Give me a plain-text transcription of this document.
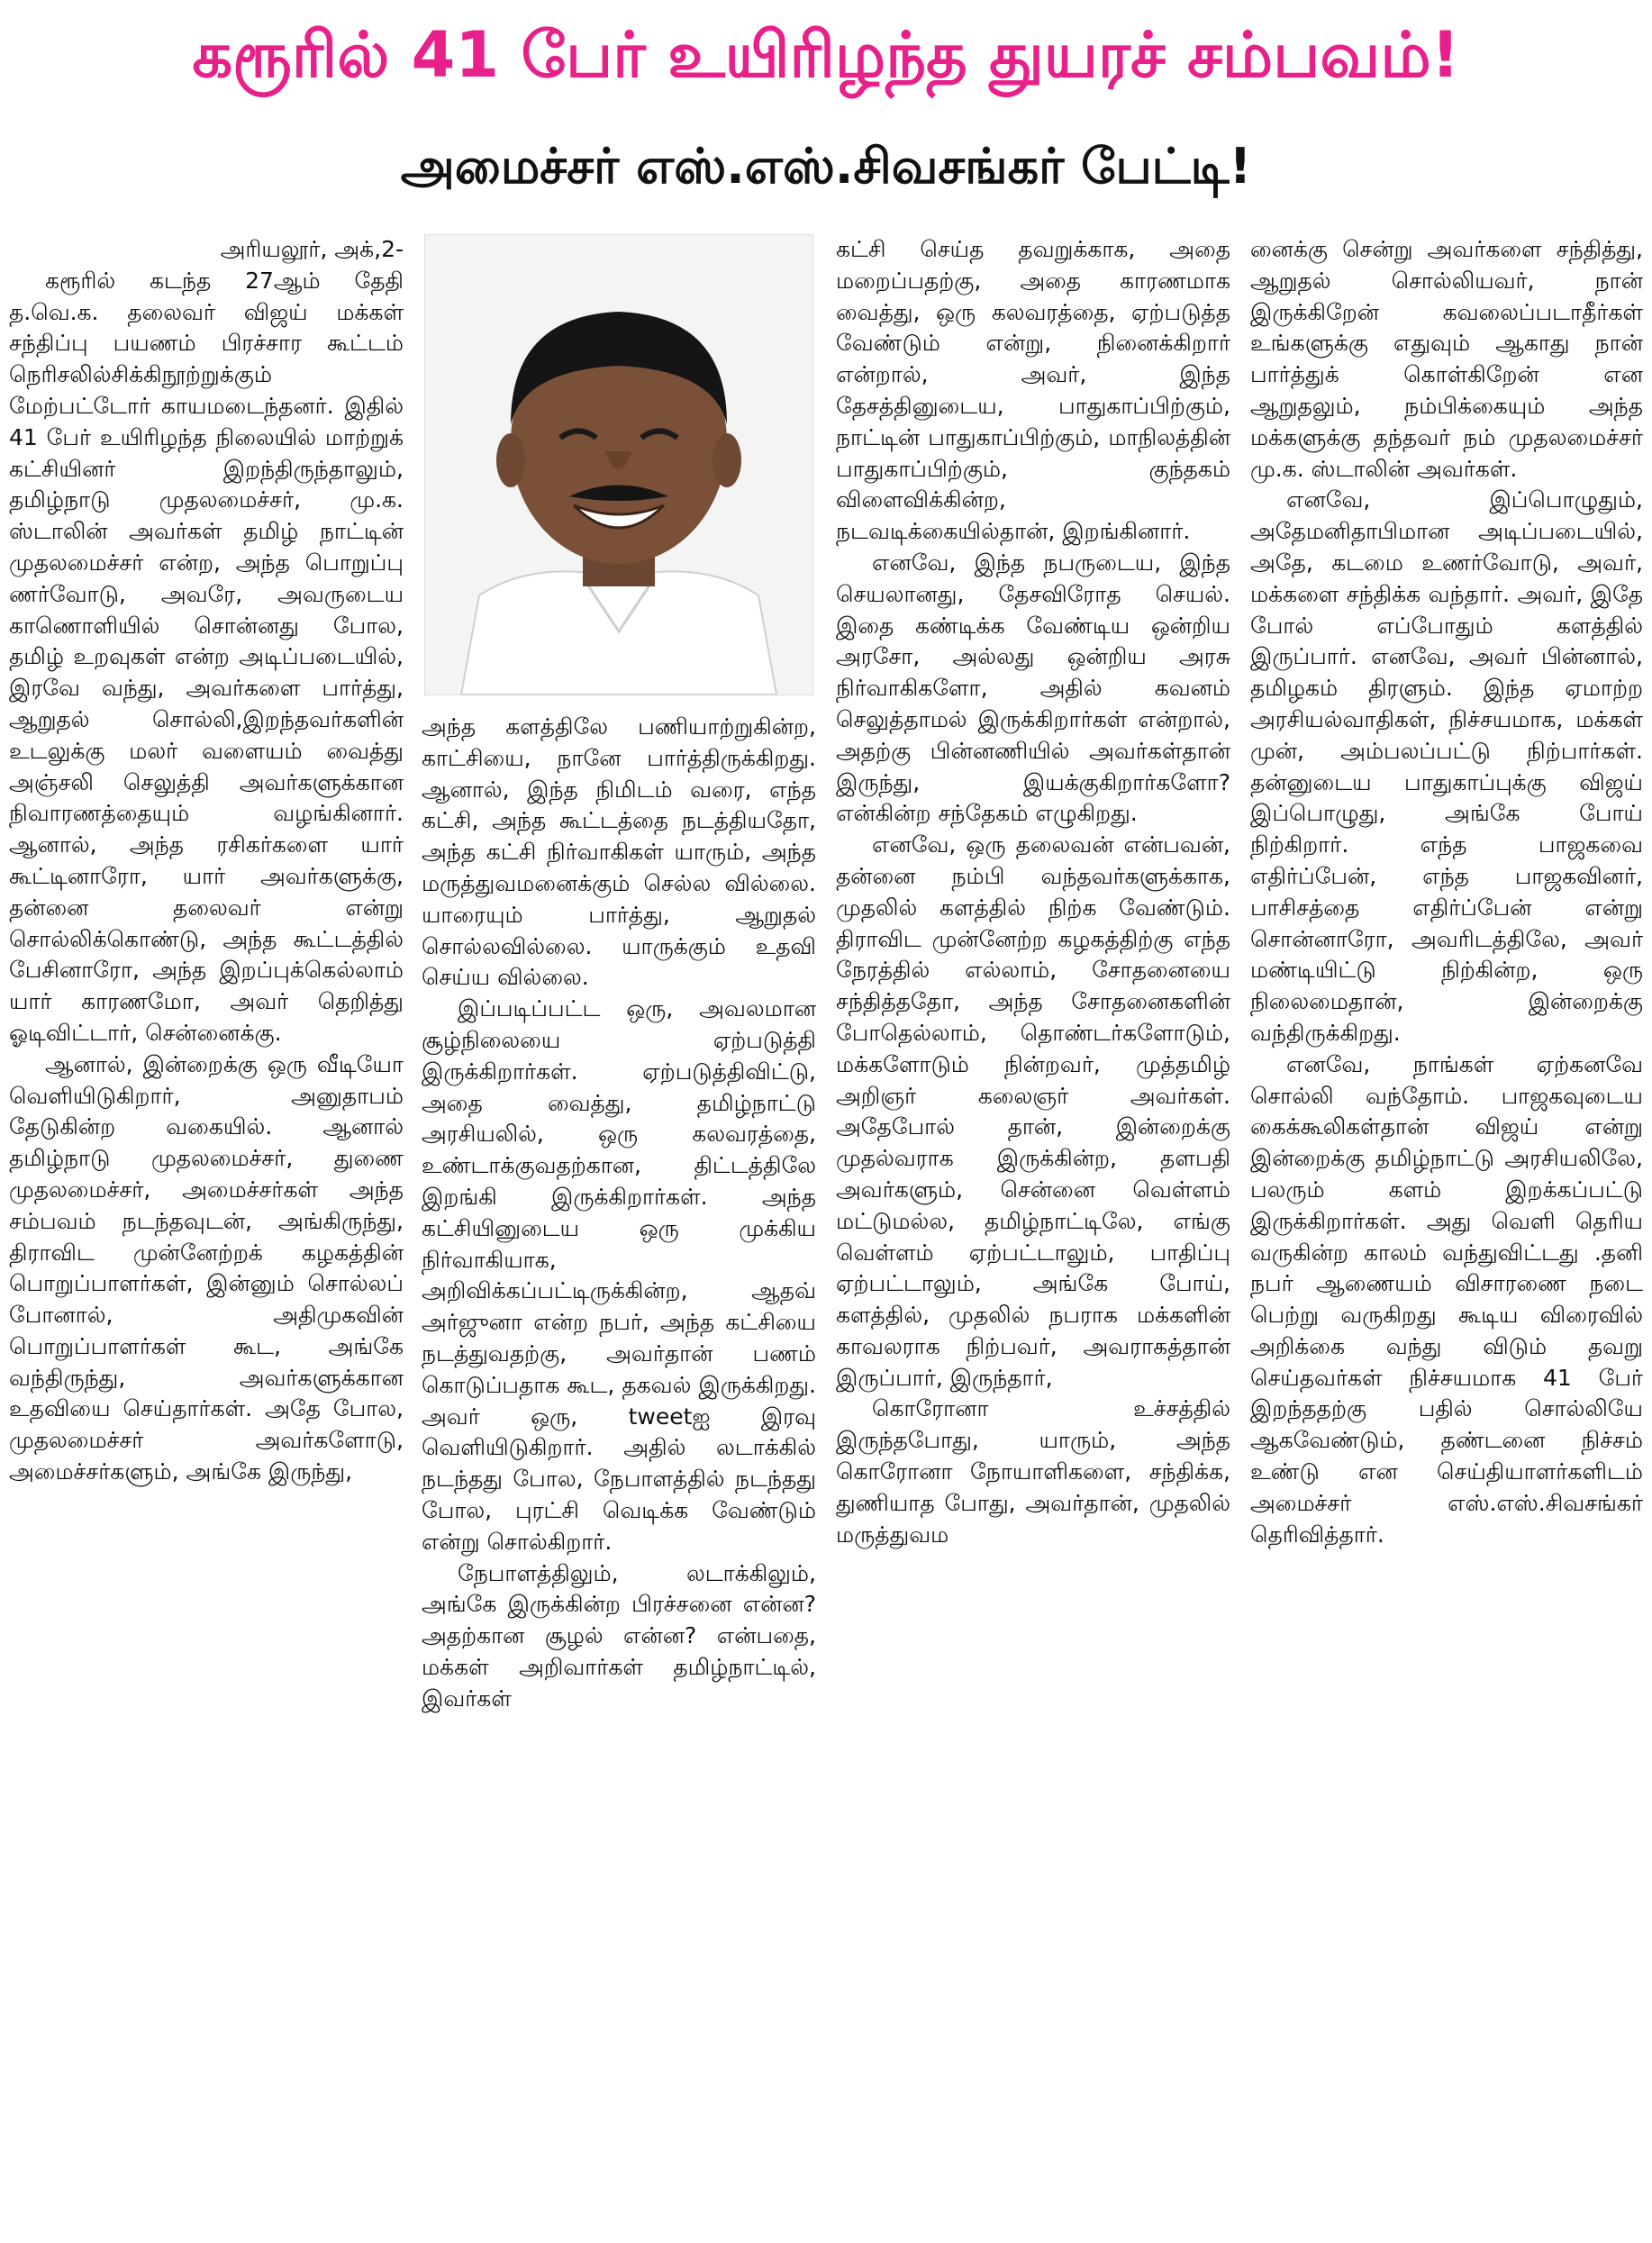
கரூரில் 41 பேர் உயிரிழந்த துயரச் சம்பவம்!
அமைச்சர் எஸ்.எஸ்.சிவசங்கர் பேட்டி!
அரியலூர், அக்,2-

கரூரில் கடந்த 27ஆம் தேதி த.வெ.க. தலைவர் விஜய் மக்கள் சந்திப்பு பயணம் பிரச்சார கூட்டம் நெரிசலில்சிக்கிநூற்றுக்கும் மேற்பட்டோர் காயமடைந்தனர். இதில் 41 பேர் உயிரிழந்த நிலையில் மாற்றுக் கட்சியினர் இறந்திருந்தாலும், தமிழ்நாடு முதலமைச்சர், மு.க. ஸ்டாலின் அவர்கள் தமிழ் நாட்டின் முதலமைச்சர் என்ற, அந்த பொறுப்பு ணர்வோடு, அவரே, அவருடைய காணொளியில் சொன்னது போல, தமிழ் உறவுகள் என்ற அடிப்படையில், இரவே வந்து, அவர்களை பார்த்து, ஆறுதல் சொல்லி,இறந்தவர்களின் உடலுக்கு மலர் வளையம் வைத்து அஞ்சலி செலுத்தி அவர்களுக்கான நிவாரணத்தையும் வழங்கினார். ஆனால், அந்த ரசிகர்களை யார் கூட்டினாரோ, யார் அவர்களுக்கு, தன்னை தலைவர் என்று சொல்லிக்கொண்டு, அந்த கூட்டத்தில் பேசினாரோ, அந்த இறப்புக்கெல்லாம் யார் காரணமோ, அவர் தெறித்து ஓடிவிட்டார், சென்னைக்கு.

ஆனால், இன்றைக்கு ஒரு வீடியோ வெளியிடுகிறார், அனுதாபம் தேடுகின்ற வகையில். ஆனால் தமிழ்நாடு முதலமைச்சர், துணை முதலமைச்சர், அமைச்சர்கள் அந்த சம்பவம் நடந்தவுடன், அங்கிருந்து, திராவிட முன்னேற்றக் கழகத்தின் பொறுப்பாளர்கள், இன்னும் சொல்லப் போனால், அதிமுகவின் பொறுப்பாளர்கள் கூட, அங்கே வந்திருந்து, அவர்களுக்கான உதவியை செய்தார்கள். அதே போல, முதலமைச்சர் அவர்களோடு, அமைச்சர்களும், அங்கே இருந்து,

அந்த களத்திலே பணியாற்றுகின்ற, காட்சியை, நானே பார்த்திருக்கிறது. ஆனால், இந்த நிமிடம் வரை, எந்த கட்சி, அந்த கூட்டத்தை நடத்தியதோ, அந்த கட்சி நிர்வாகிகள் யாரும், அந்த மருத்துவமனைக்கும் செல்ல வில்லை. யாரையும் பார்த்து, ஆறுதல் சொல்லவில்லை. யாருக்கும் உதவி செய்ய வில்லை.

இப்படிப்பட்ட ஒரு, அவலமான சூழ்நிலையை ஏற்படுத்தி இருக்கிறார்கள். ஏற்படுத்திவிட்டு, அதை வைத்து, தமிழ்நாட்டு அரசியலில், ஒரு கலவரத்தை, உண்டாக்குவதற்கான, திட்டத்திலே இறங்கி இருக்கிறார்கள். அந்த கட்சியினுடைய ஒரு முக்கிய நிர்வாகியாக, அறிவிக்கப்பட்டிருக்கின்ற, ஆதவ் அர்ஜுனா என்ற நபர், அந்த கட்சியை நடத்துவதற்கு, அவர்தான் பணம் கொடுப்பதாக கூட, தகவல் இருக்கிறது. அவர் ஒரு, tweetஐ இரவு வெளியிடுகிறார். அதில் லடாக்கில் நடந்தது போல, நேபாளத்தில் நடந்தது போல, புரட்சி வெடிக்க வேண்டும் என்று சொல்கிறார்.

நேபாளத்திலும், லடாக்கிலும், அங்கே இருக்கின்ற பிரச்சனை என்ன? அதற்கான சூழல் என்ன? என்பதை, மக்கள் அறிவார்கள் தமிழ்நாட்டில், இவர்கள்

கட்சி செய்த தவறுக்காக, அதை மறைப்பதற்கு, அதை காரணமாக வைத்து, ஒரு கலவரத்தை, ஏற்படுத்த வேண்டும் என்று, நினைக்கிறார் என்றால், அவர், இந்த தேசத்தினுடைய, பாதுகாப்பிற்கும், நாட்டின் பாதுகாப்பிற்கும், மாநிலத்தின் பாதுகாப்பிற்கும், குந்தகம் விளைவிக்கின்ற, நடவடிக்கையில்தான், இறங்கினார்.

எனவே, இந்த நபருடைய, இந்த செயலானது, தேசவிரோத செயல். இதை கண்டிக்க வேண்டிய ஒன்றிய அரசோ, அல்லது ஒன்றிய அரசு நிர்வாகிகளோ, அதில் கவனம் செலுத்தாமல் இருக்கிறார்கள் என்றால், அதற்கு பின்னணியில் அவர்கள்தான் இருந்து, இயக்குகிறார்களோ? என்கின்ற சந்தேகம் எழுகிறது.

எனவே, ஒரு தலைவன் என்பவன், தன்னை நம்பி வந்தவர்களுக்காக, முதலில் களத்தில் நிற்க வேண்டும். திராவிட முன்னேற்ற கழகத்திற்கு எந்த நேரத்தில் எல்லாம், சோதனையை சந்தித்ததோ, அந்த சோதனைகளின் போதெல்லாம், தொண்டர்களோடும், மக்களோடும் நின்றவர், முத்தமிழ் அறிஞர் கலைஞர் அவர்கள். அதேபோல் தான், இன்றைக்கு முதல்வராக இருக்கின்ற, தளபதி அவர்களும், சென்னை வெள்ளம் மட்டுமல்ல, தமிழ்நாட்டிலே, எங்கு வெள்ளம் ஏற்பட்டாலும், பாதிப்பு ஏற்பட்டாலும், அங்கே போய், களத்தில், முதலில் நபராக மக்களின் காவலராக நிற்பவர், அவராகத்தான் இருப்பார், இருந்தார்,

கொரோனா உச்சத்தில் இருந்தபோது, யாரும், அந்த கொரோனா நோயாளிகளை, சந்திக்க, துணியாத போது, அவர்தான், முதலில் மருத்துவம

னைக்கு சென்று அவர்களை சந்தித்து, ஆறுதல் சொல்லியவர், நான் இருக்கிறேன் கவலைப்படாதீர்கள் உங்களுக்கு எதுவும் ஆகாது நான் பார்த்துக் கொள்கிறேன் என ஆறுதலும், நம்பிக்கையும் அந்த மக்களுக்கு தந்தவர் நம் முதலமைச்சர் மு.க. ஸ்டாலின் அவர்கள்.

எனவே, இப்பொழுதும், அதேமனிதாபிமான அடிப்படையில், அதே, கடமை உணர்வோடு, அவர், மக்களை சந்திக்க வந்தார். அவர், இதே போல் எப்போதும் களத்தில் இருப்பார். எனவே, அவர் பின்னால், தமிழகம் திரளும். இந்த ஏமாற்ற அரசியல்வாதிகள், நிச்சயமாக, மக்கள் முன், அம்பலப்பட்டு நிற்பார்கள். தன்னுடைய பாதுகாப்புக்கு விஜய் இப்பொழுது, அங்கே போய் நிற்கிறார். எந்த பாஜகவை எதிர்ப்பேன், எந்த பாஜகவினர், பாசிசத்தை எதிர்ப்பேன் என்று சொன்னாரோ, அவரிடத்திலே, அவர் மண்டியிட்டு நிற்கின்ற, ஒரு நிலைமைதான், இன்றைக்கு வந்திருக்கிறது.

எனவே, நாங்கள் ஏற்கனவே சொல்லி வந்தோம். பாஜகவுடைய கைக்கூலிகள்தான் விஜய் என்று இன்றைக்கு தமிழ்நாட்டு அரசியலிலே, பலரும் களம் இறக்கப்பட்டு இருக்கிறார்கள். அது வெளி தெரிய வருகின்ற காலம் வந்துவிட்டது .தனி நபர் ஆணையம் விசாரணை நடை பெற்று வருகிறது கூடிய விரைவில் அறிக்கை வந்து விடும் தவறு செய்தவர்கள் நிச்சயமாக 41 பேர் இறந்ததற்கு பதில் சொல்லியே ஆகவேண்டும், தண்டனை நிச்சம் உண்டு என செய்தியாளர்களிடம் அமைச்சர் எஸ்.எஸ்.சிவசங்கர் தெரிவித்தார்.
